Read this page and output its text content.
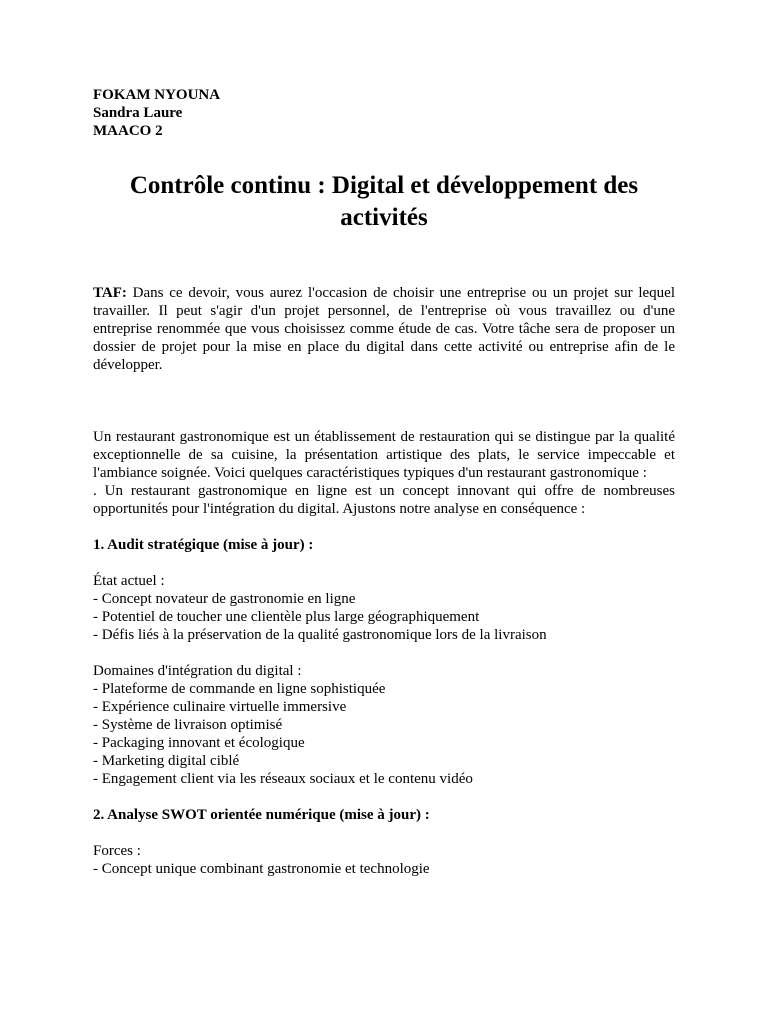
FOKAM NYOUNA
Sandra Laure
MAACO 2
Contrôle continu : Digital et développement des activités

TAF: Dans ce devoir, vous aurez l'occasion de choisir une entreprise ou un projet sur lequel travailler. Il peut s'agir d'un projet personnel, de l'entreprise où vous travaillez ou d'une entreprise renommée que vous choisissez comme étude de cas. Votre tâche sera de proposer un dossier de projet pour la mise en place du digital dans cette activité ou entreprise afin de le développer.

Un restaurant gastronomique est un établissement de restauration qui se distingue par la qualité exceptionnelle de sa cuisine, la présentation artistique des plats, le service impeccable et l'ambiance soignée. Voici quelques caractéristiques typiques d'un restaurant gastronomique :
. Un restaurant gastronomique en ligne est un concept innovant qui offre de nombreuses opportunités pour l'intégration du digital. Ajustons notre analyse en conséquence :
1. Audit stratégique (mise à jour) :
État actuel :
- Concept novateur de gastronomie en ligne
- Potentiel de toucher une clientèle plus large géographiquement
- Défis liés à la préservation de la qualité gastronomique lors de la livraison
Domaines d'intégration du digital :
- Plateforme de commande en ligne sophistiquée
- Expérience culinaire virtuelle immersive
- Système de livraison optimisé
- Packaging innovant et écologique
- Marketing digital ciblé
- Engagement client via les réseaux sociaux et le contenu vidéo
2. Analyse SWOT orientée numérique (mise à jour) :
Forces :
- Concept unique combinant gastronomie et technologie
